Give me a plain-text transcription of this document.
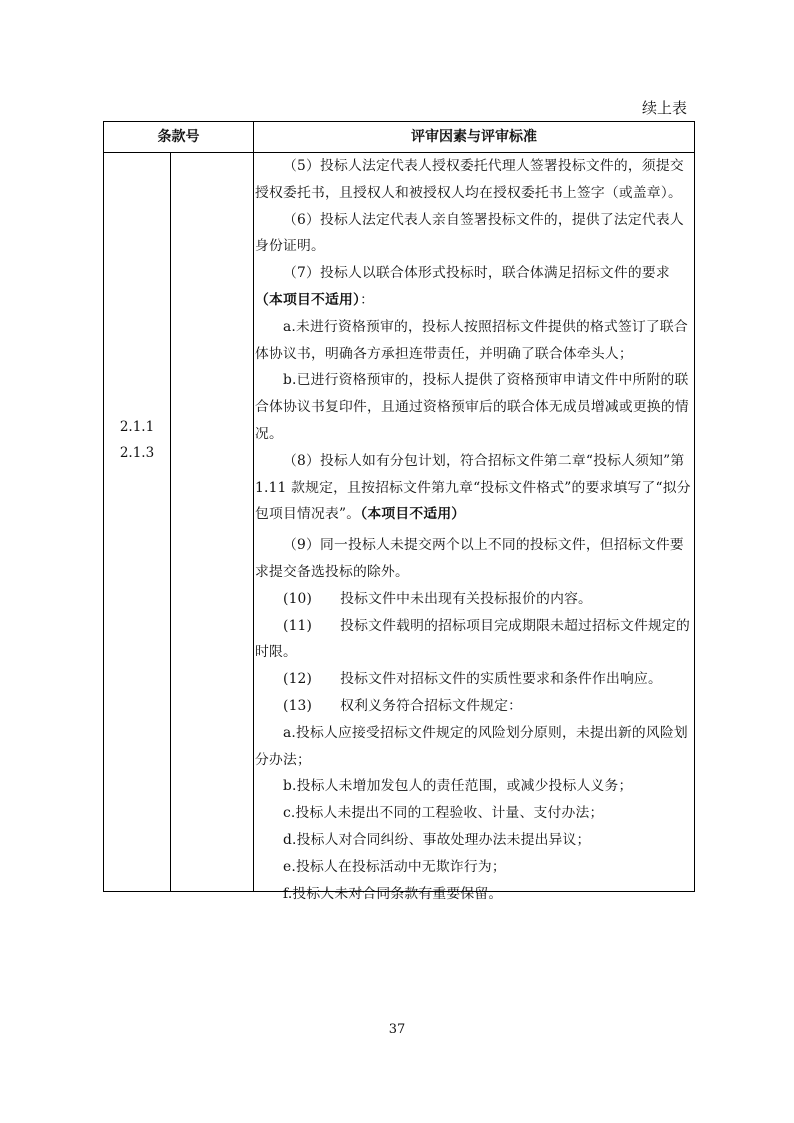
续上表
条款号	评审因素与评审标准
2.1.1
2.1.3

（5）投标人法定代表人授权委托代理人签署投标文件的，须提交授权委托书，且授权人和被授权人均在授权委托书上签字（或盖章）。

（6）投标人法定代表人亲自签署投标文件的，提供了法定代表人身份证明。

（7）投标人以联合体形式投标时，联合体满足招标文件的要求（本项目不适用）：

a.未进行资格预审的，投标人按照招标文件提供的格式签订了联合体协议书，明确各方承担连带责任，并明确了联合体牵头人；

b.已进行资格预审的，投标人提供了资格预审申请文件中所附的联合体协议书复印件，且通过资格预审后的联合体无成员增减或更换的情况。

（8）投标人如有分包计划，符合招标文件第二章“投标人须知”第 1.11 款规定，且按招标文件第九章“投标文件格式”的要求填写了“拟分包项目情况表”。（本项目不适用）

（9）同一投标人未提交两个以上不同的投标文件，但招标文件要求提交备选投标的除外。

(10)　　投标文件中未出现有关投标报价的内容。

(11)　　投标文件载明的招标项目完成期限未超过招标文件规定的时限。

(12)　　投标文件对招标文件的实质性要求和条件作出响应。

(13)　　权利义务符合招标文件规定：

a.投标人应接受招标文件规定的风险划分原则，未提出新的风险划分办法；

b.投标人未增加发包人的责任范围，或减少投标人义务；

c.投标人未提出不同的工程验收、计量、支付办法；

d.投标人对合同纠纷、事故处理办法未提出异议；

e.投标人在投标活动中无欺诈行为；

f.投标人未对合同条款有重要保留。

37
